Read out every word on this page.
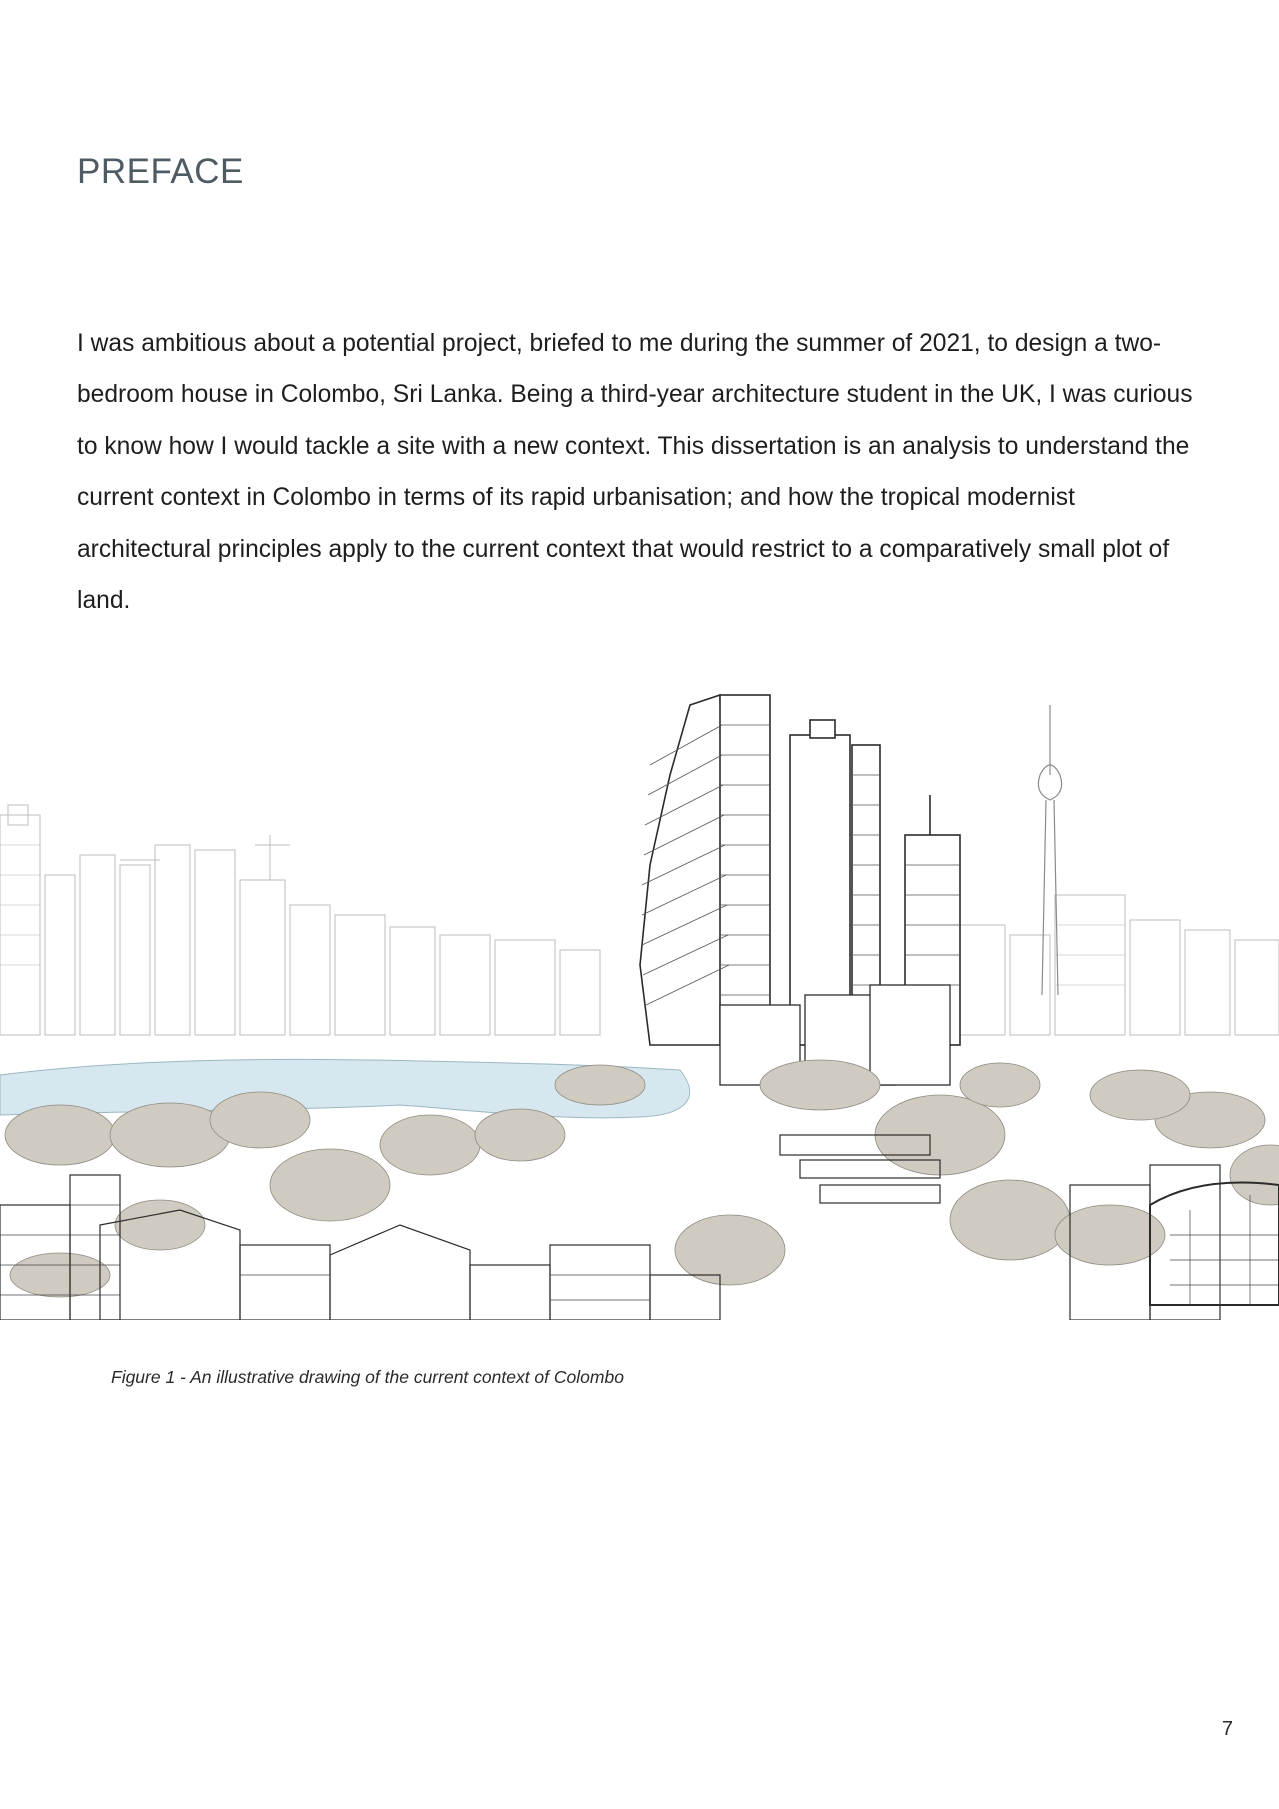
PREFACE

I was ambitious about a potential project, briefed to me during the summer of 2021, to design a two-bedroom house in Colombo, Sri Lanka. Being a third-year architecture student in the UK, I was curious to know how I would tackle a site with a new context. This dissertation is an analysis to understand the current context in Colombo in terms of its rapid urbanisation; and how the tropical modernist architectural principles apply to the current context that would restrict to a comparatively small plot of land.

Figure 1 - An illustrative drawing of the current context of Colombo

7
